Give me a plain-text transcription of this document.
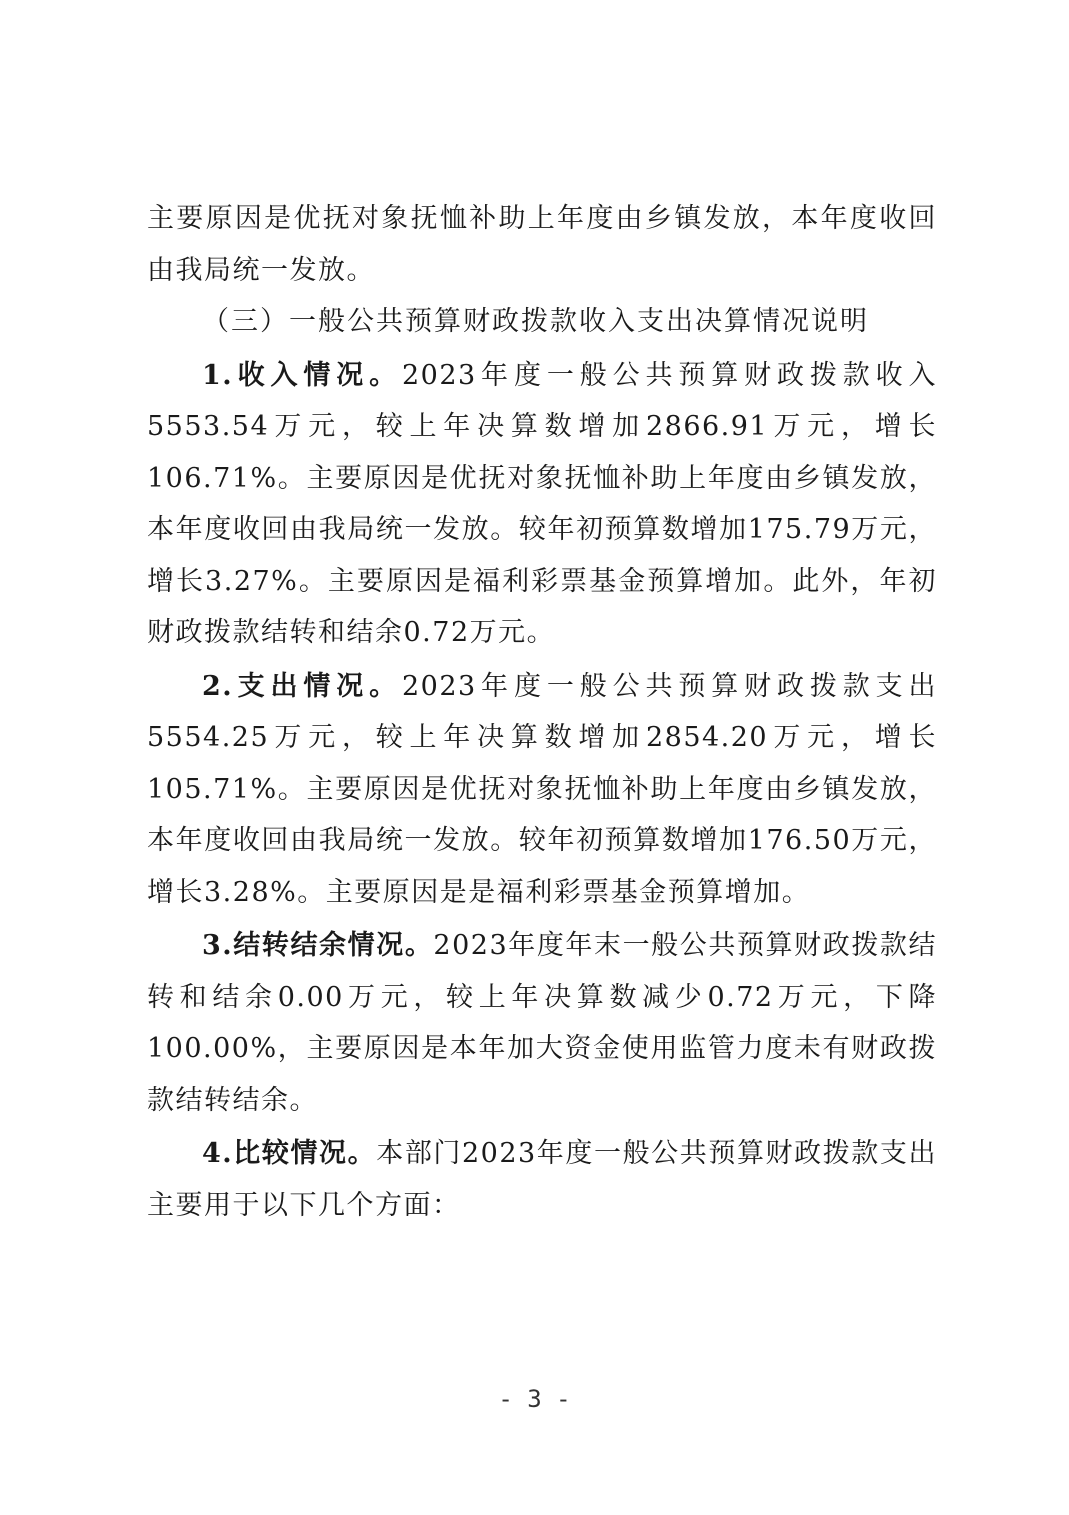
主要原因是优抚对象抚恤补助上年度由乡镇发放，本年度收回由我局统一发放。

（三）一般公共预算财政拨款收入支出决算情况说明

1.收入情况。2023年度一般公共预算财政拨款收入5553.54万元，较上年决算数增加2866.91万元，增长106.71%。主要原因是优抚对象抚恤补助上年度由乡镇发放，本年度收回由我局统一发放。较年初预算数增加175.79万元，增长3.27%。主要原因是福利彩票基金预算增加。此外，年初财政拨款结转和结余0.72万元。

2.支出情况。2023年度一般公共预算财政拨款支出5554.25万元，较上年决算数增加2854.20万元，增长105.71%。主要原因是优抚对象抚恤补助上年度由乡镇发放，本年度收回由我局统一发放。较年初预算数增加176.50万元，增长3.28%。主要原因是是福利彩票基金预算增加。

3.结转结余情况。2023年度年末一般公共预算财政拨款结转和结余0.00万元，较上年决算数减少0.72万元，下降100.00%，主要原因是本年加大资金使用监管力度未有财政拨款结转结余。

4.比较情况。本部门2023年度一般公共预算财政拨款支出主要用于以下几个方面：

- 3 -
